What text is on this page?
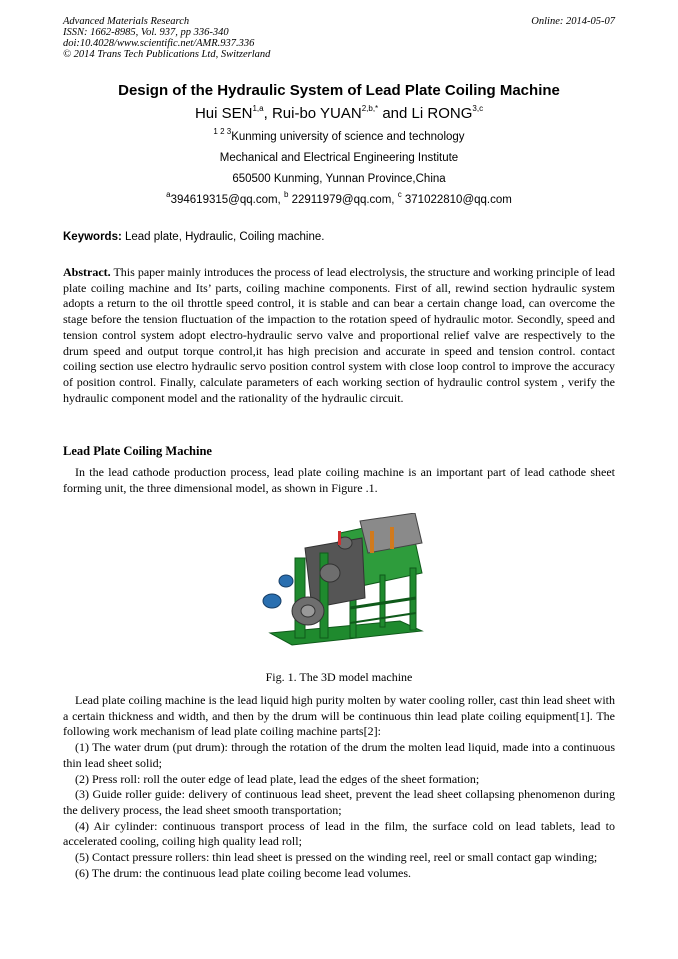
Advanced Materials Research
ISSN: 1662-8985, Vol. 937, pp 336-340
doi:10.4028/www.scientific.net/AMR.937.336
© 2014 Trans Tech Publications Ltd, Switzerland
Online: 2014-05-07
Design of the Hydraulic System of Lead Plate Coiling Machine
Hui SEN$^{1,a}$, Rui-bo $YUAN^{2,b,*}$ and Li RONG$^{3,c}$
$^{1 2 3}$Kunming university of science and technology
Mechanical and Electrical Engineering Institute
650500 Kunming, Yunnan Province,China
$^a$394619315@qq.com, $^b$ 22911979@qq.com, $^c$ 371022810@qq.com
Keywords: Lead plate, Hydraulic, Coiling machine.
Abstract. This paper mainly introduces the process of lead electrolysis, the structure and working principle of lead plate coiling machine and Its’ parts, coiling machine components. First of all, rewind section hydraulic system adopts a return to the oil throttle speed control, it is stable and can bear a certain change load, can overcome the stage before the tension fluctuation of the impaction to the rotation speed of hydraulic motor. Secondly, speed and tension control system adopt electro-hydraulic servo valve and proportional relief valve are respectively to the drum speed and output torque control,it has high precision and accurate in speed and tension control. contact coiling section use electro hydraulic servo position control system with close loop control to improve the accuracy of position control. Finally, calculate parameters of each working section of hydraulic control system , verify the hydraulic component model and the rationality of the hydraulic circuit.
Lead Plate Coiling Machine
In the lead cathode production process, lead plate coiling machine is an important part of lead cathode sheet forming unit, the three dimensional model, as shown in Figure .1.
Fig. 1. The 3D model machine

Lead plate coiling machine is the lead liquid high purity molten by water cooling roller, cast thin lead sheet with a certain thickness and width, and then by the drum will be continuous thin lead plate coiling equipment[1]. The following work mechanism of lead plate coiling machine parts[2]:

(1) The water drum (put drum): through the rotation of the drum the molten lead liquid, made into a continuous thin lead sheet solid;

(2) Press roll: roll the outer edge of lead plate, lead the edges of the sheet formation;

(3) Guide roller guide: delivery of continuous lead sheet, prevent the lead sheet collapsing phenomenon during the delivery process, the lead sheet smooth transportation;

(4) Air cylinder: continuous transport process of lead in the film, the surface cold on lead tablets, lead to accelerated cooling, coiling high quality lead roll;

(5) Contact pressure rollers: thin lead sheet is pressed on the winding reel, reel or small contact gap winding;

(6) The drum: the continuous lead plate coiling become lead volumes.
